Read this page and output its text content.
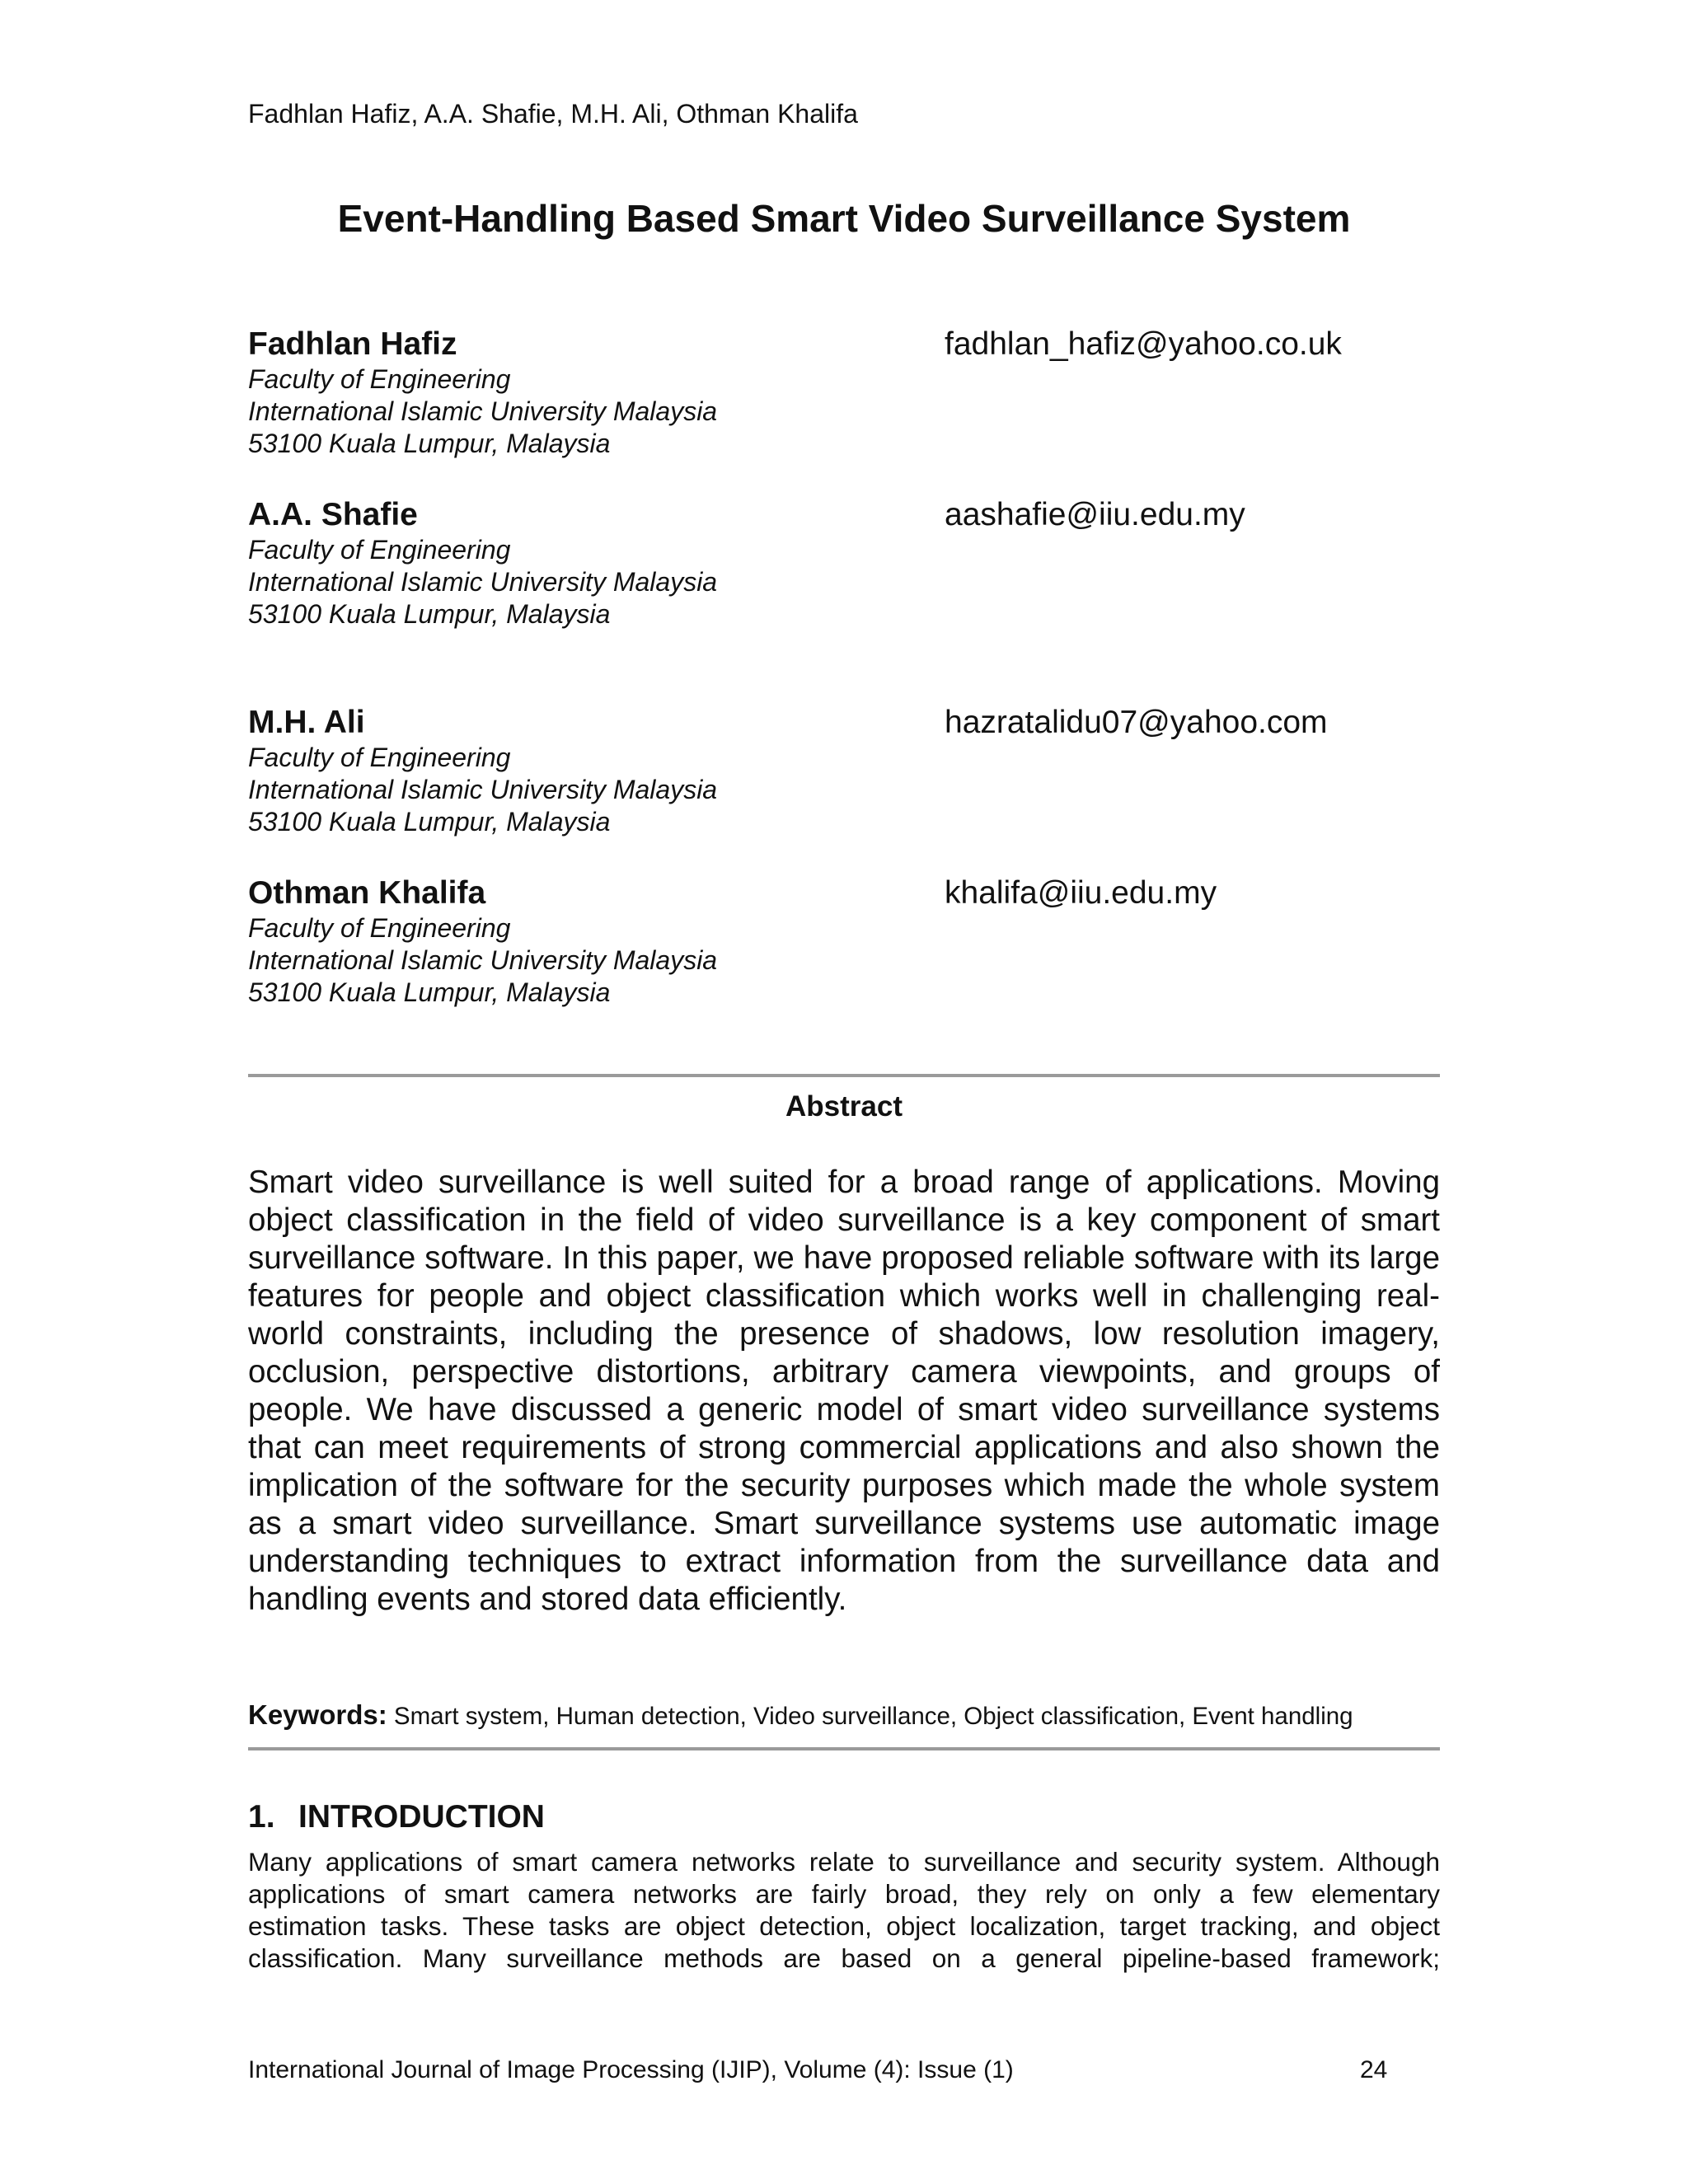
Fadhlan Hafiz, A.A. Shafie, M.H. Ali, Othman Khalifa
Event-Handling Based Smart Video Surveillance System
Fadhlan Hafiz
Faculty of Engineering
International Islamic University Malaysia
53100 Kuala Lumpur, Malaysia
fadhlan_hafiz@yahoo.co.uk
A.A. Shafie
Faculty of Engineering
International Islamic University Malaysia
53100 Kuala Lumpur, Malaysia
aashafie@iiu.edu.my
M.H. Ali
Faculty of Engineering
International Islamic University Malaysia
53100 Kuala Lumpur, Malaysia
hazratalidu07@yahoo.com
Othman Khalifa
Faculty of Engineering
International Islamic University Malaysia
53100 Kuala Lumpur, Malaysia
khalifa@iiu.edu.my
Abstract
Smart video surveillance is well suited for a broad range of applications. Moving object classification in the field of video surveillance is a key component of smart surveillance software. In this paper, we have proposed reliable software with its large features for people and object classification which works well in challenging real-world constraints, including the presence of shadows, low resolution imagery, occlusion, perspective distortions, arbitrary camera viewpoints, and groups of people. We have discussed a generic model of smart video surveillance systems that can meet requirements of strong commercial applications and also shown the implication of the software for the security purposes which made the whole system as a smart video surveillance. Smart surveillance systems use automatic image understanding techniques to extract information from the surveillance data and handling events and stored data efficiently.
Keywords: Smart system, Human detection, Video surveillance, Object classification, Event handling
1. INTRODUCTION
Many applications of smart camera networks relate to surveillance and security system. Although
applications of smart camera networks are fairly broad, they rely on only a few elementary
estimation tasks. These tasks are object detection, object localization, target tracking, and object
classification. Many surveillance methods are based on a general pipeline-based framework;
International Journal of Image Processing (IJIP), Volume (4): Issue (1)	24
